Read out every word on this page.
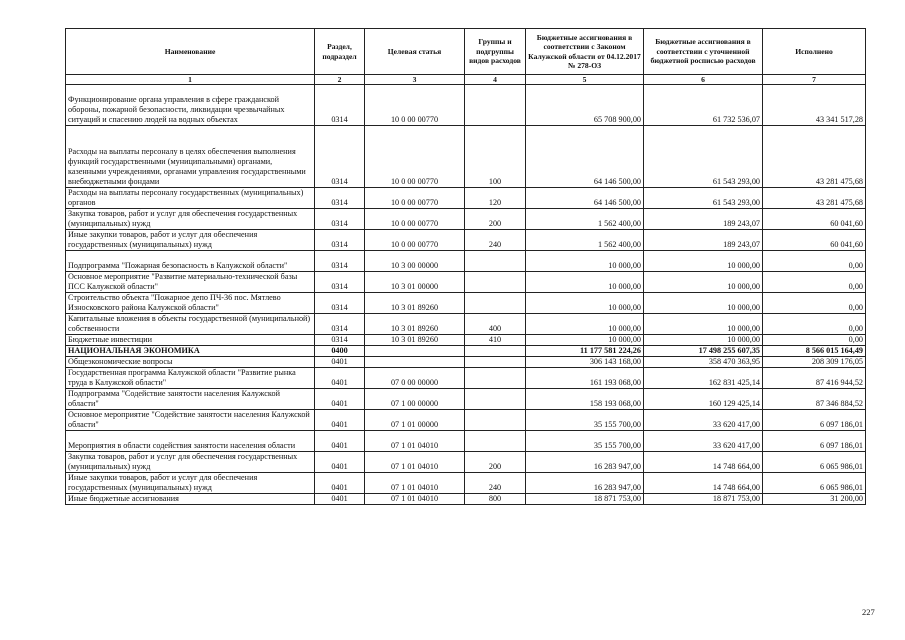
Наименование	Раздел, подраздел	Целевая статья	Группы и подгруппы видов расходов	Бюджетные ассигнования в соответствии с Законом Калужской области от 04.12.2017 № 278-ОЗ	Бюджетные ассигнования в соответствии с уточненной бюджетной росписью расходов	Исполнено
1	2	3	4	5	6	7
Функционирование органа управления в сфере гражданской обороны, пожарной безопасности, ликвидации чрезвычайных ситуаций и спасению людей на водных объектах	0314	10 0 00 00770		65 708 900,00	61 732 536,07	43 341 517,28
Расходы на выплаты персоналу в целях обеспечения выполнения функций государственными (муниципальными) органами, казенными учреждениями, органами управления государственными внебюджетными фондами	0314	10 0 00 00770	100	64 146 500,00	61 543 293,00	43 281 475,68
Расходы на выплаты персоналу государственных (муниципальных) органов	0314	10 0 00 00770	120	64 146 500,00	61 543 293,00	43 281 475,68
Закупка товаров, работ и услуг для обеспечения государственных (муниципальных) нужд	0314	10 0 00 00770	200	1 562 400,00	189 243,07	60 041,60
Иные закупки товаров, работ и услуг для обеспечения государственных (муниципальных) нужд	0314	10 0 00 00770	240	1 562 400,00	189 243,07	60 041,60
Подпрограмма "Пожарная безопасность в Калужской области"	0314	10 3 00 00000		10 000,00	10 000,00	0,00
Основное мероприятие "Развитие материально-технической базы ПСС Калужской области"	0314	10 3 01 00000		10 000,00	10 000,00	0,00
Строительство объекта "Пожарное депо ПЧ-36 пос. Мятлево Износковского района Калужской области"	0314	10 3 01 89260		10 000,00	10 000,00	0,00
Капитальные вложения в объекты государственной (муниципальной) собственности	0314	10 3 01 89260	400	10 000,00	10 000,00	0,00
Бюджетные инвестиции	0314	10 3 01 89260	410	10 000,00	10 000,00	0,00
НАЦИОНАЛЬНАЯ ЭКОНОМИКА	0400			11 177 581 224,26	17 498 255 607,35	8 566 015 164,49
Общеэкономические вопросы	0401			306 143 168,00	358 470 363,95	208 309 176,05
Государственная программа Калужской области "Развитие рынка труда в Калужской области"	0401	07 0 00 00000		161 193 068,00	162 831 425,14	87 416 944,52
Подпрограмма "Содействие занятости населения Калужской области"	0401	07 1 00 00000		158 193 068,00	160 129 425,14	87 346 884,52
Основное мероприятие "Содействие занятости населения Калужской области"	0401	07 1 01 00000		35 155 700,00	33 620 417,00	6 097 186,01
Мероприятия в области содействия занятости населения области	0401	07 1 01 04010		35 155 700,00	33 620 417,00	6 097 186,01
Закупка товаров, работ и услуг для обеспечения государственных (муниципальных) нужд	0401	07 1 01 04010	200	16 283 947,00	14 748 664,00	6 065 986,01
Иные закупки товаров, работ и услуг для обеспечения государственных (муниципальных) нужд	0401	07 1 01 04010	240	16 283 947,00	14 748 664,00	6 065 986,01
Иные бюджетные ассигнования	0401	07 1 01 04010	800	18 871 753,00	18 871 753,00	31 200,00
227
